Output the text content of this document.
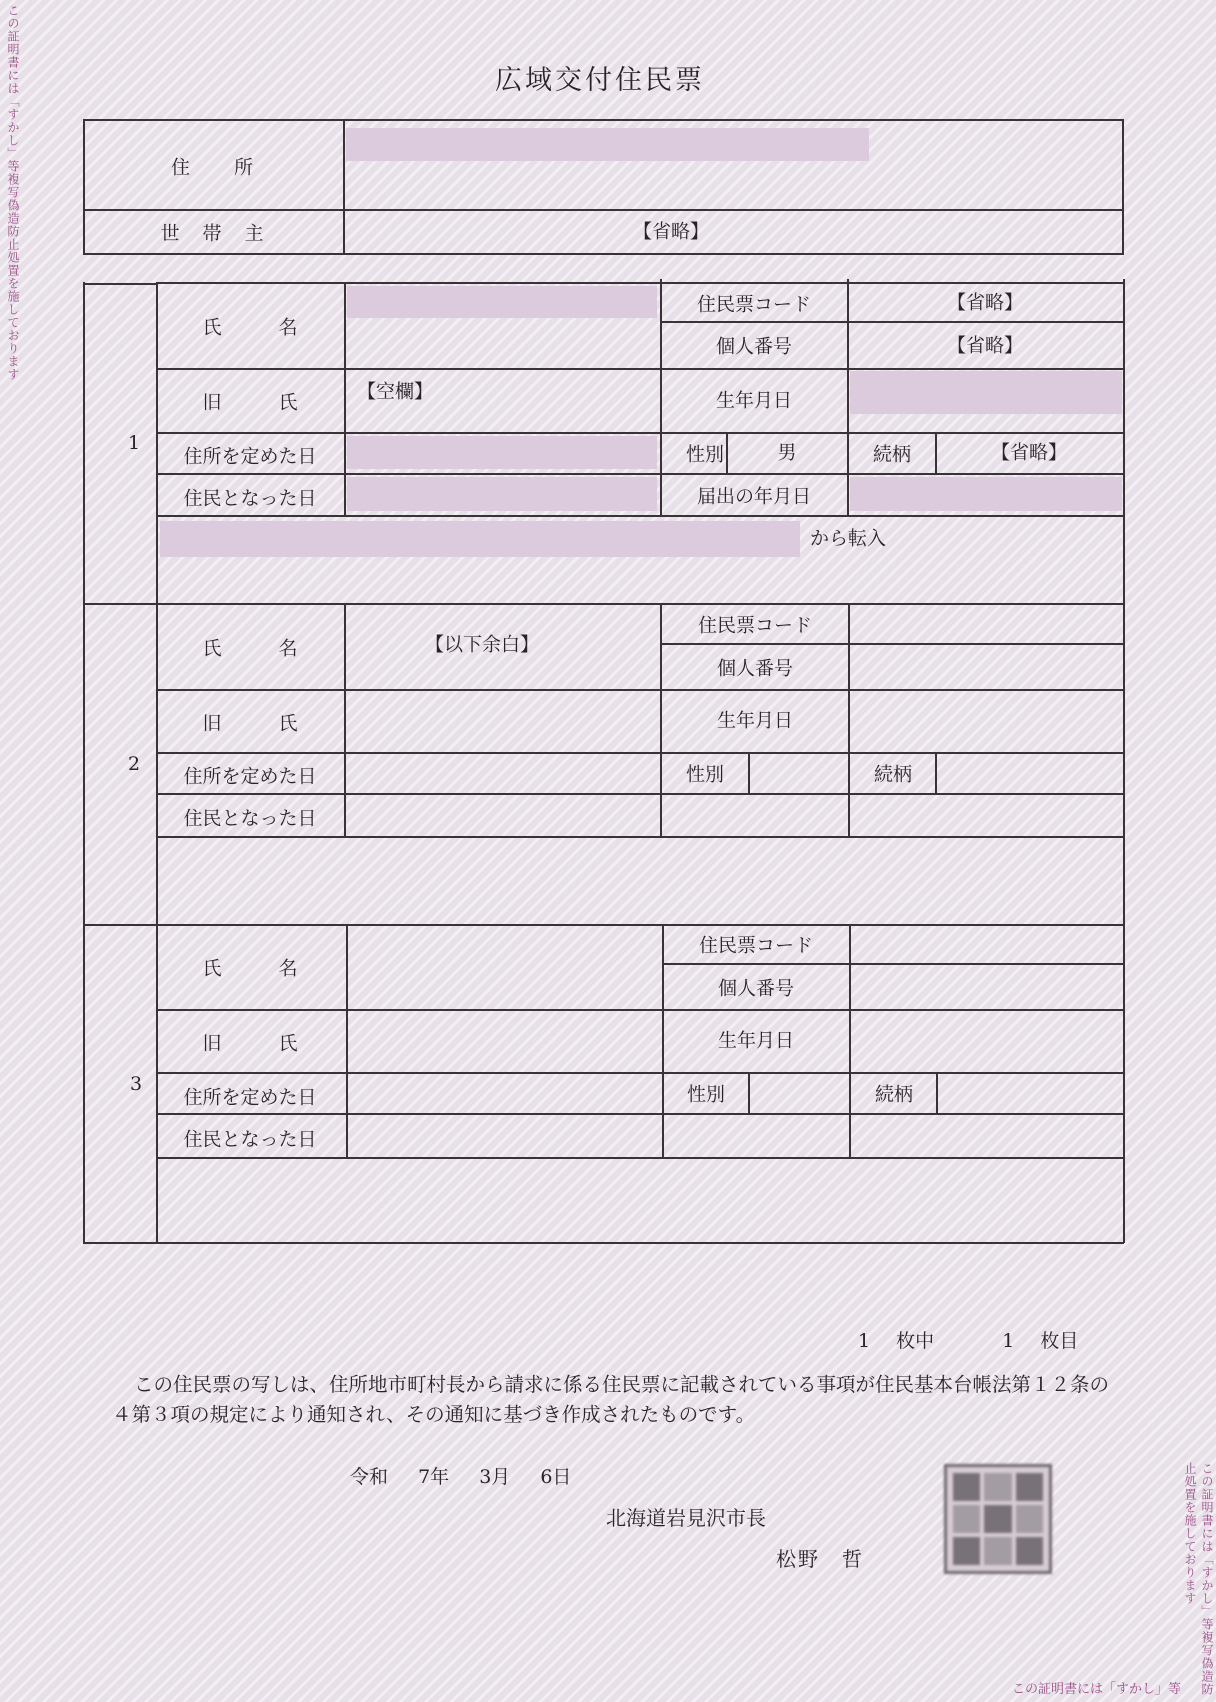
広域交付住民票
この証明書には「すかし」等複写偽造防止処置を施しております
この証明書には「すかし」等複写偽造防止処置を施しております
この証明書には「すかし」等
住　　所
世　帯　主	【省略】
1
氏　　　名
住民票コード	【省略】
個人番号	【省略】
旧　　　氏	【空欄】	生年月日
住所を定めた日	性別	男	続柄	【省略】
住民となった日	届出の年月日
から転入
2
氏　　　名	【以下余白】
住民票コード
個人番号
旧　　　氏	生年月日
住所を定めた日	性別	続柄
住民となった日
3
氏　　　名
住民票コード
個人番号
旧　　　氏	生年月日
住所を定めた日	性別	続柄
住民となった日
1 枚中	1 枚目
この住民票の写しは、住所地市町村長から請求に係る住民票に記載されている事項が住民基本台帳法第１２条の４第３項の規定により通知され、その通知に基づき作成されたものです。
令和 7年 3月 6日
北海道岩見沢市長
松野　哲
